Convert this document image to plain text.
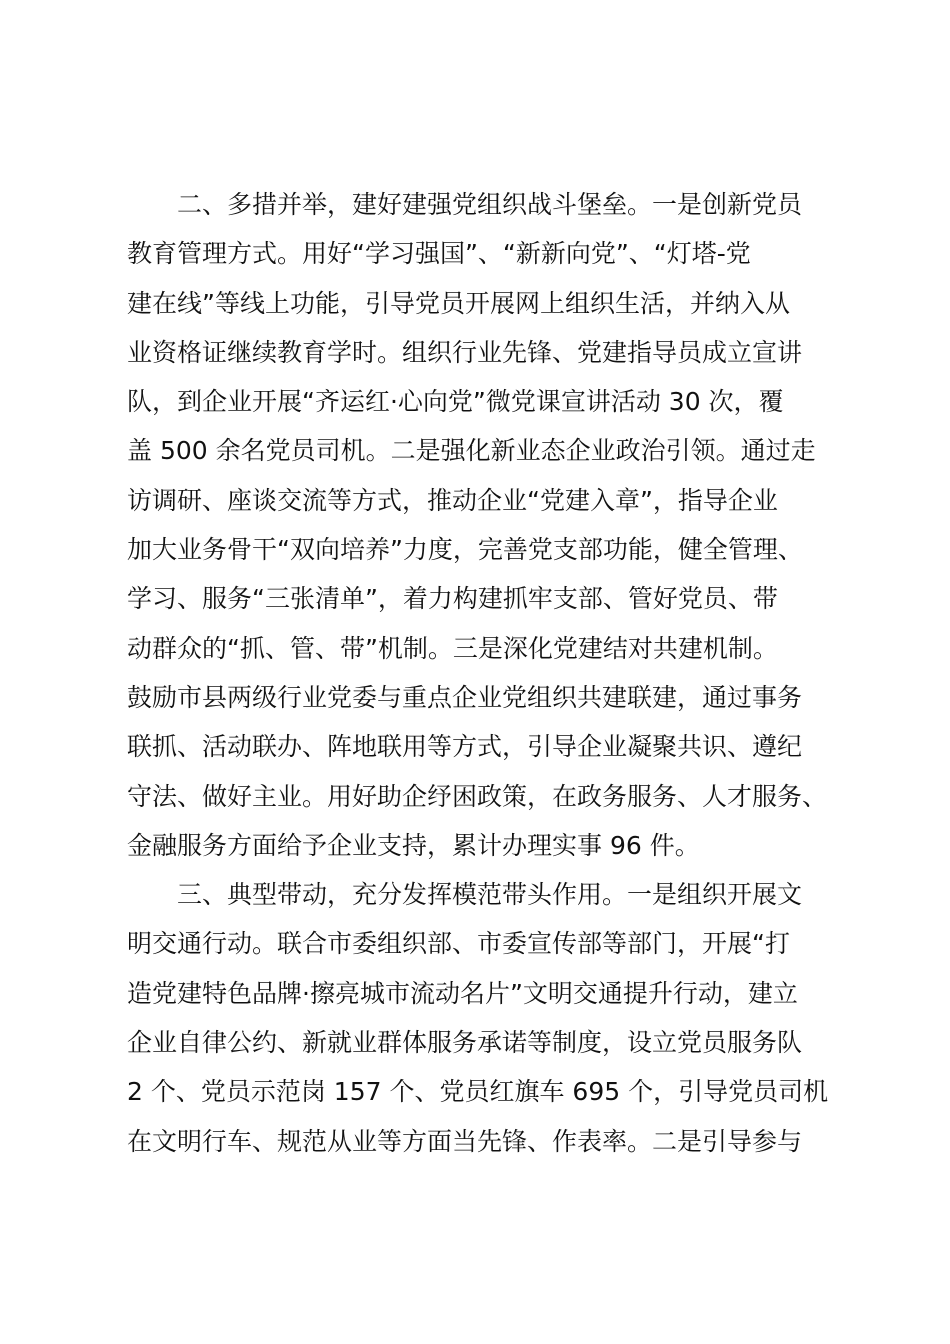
二、多措并举，建好建强党组织战斗堡垒。一是创新党员
教育管理方式。用好“学习强国”、“新新向党”、“灯塔-党
建在线”等线上功能，引导党员开展网上组织生活，并纳入从
业资格证继续教育学时。组织行业先锋、党建指导员成立宣讲
队，到企业开展“齐运红·心向党”微党课宣讲活动 30 次，覆
盖 500 余名党员司机。二是强化新业态企业政治引领。通过走
访调研、座谈交流等方式，推动企业“党建入章”，指导企业
加大业务骨干“双向培养”力度，完善党支部功能，健全管理、
学习、服务“三张清单”，着力构建抓牢支部、管好党员、带
动群众的“抓、管、带”机制。三是深化党建结对共建机制。
鼓励市县两级行业党委与重点企业党组织共建联建，通过事务
联抓、活动联办、阵地联用等方式，引导企业凝聚共识、遵纪
守法、做好主业。用好助企纾困政策，在政务服务、人才服务、
金融服务方面给予企业支持，累计办理实事 96 件。
三、典型带动，充分发挥模范带头作用。一是组织开展文
明交通行动。联合市委组织部、市委宣传部等部门，开展“打
造党建特色品牌·擦亮城市流动名片”文明交通提升行动，建立
企业自律公约、新就业群体服务承诺等制度，设立党员服务队
2 个、党员示范岗 157 个、党员红旗车 695 个，引导党员司机
在文明行车、规范从业等方面当先锋、作表率。二是引导参与
